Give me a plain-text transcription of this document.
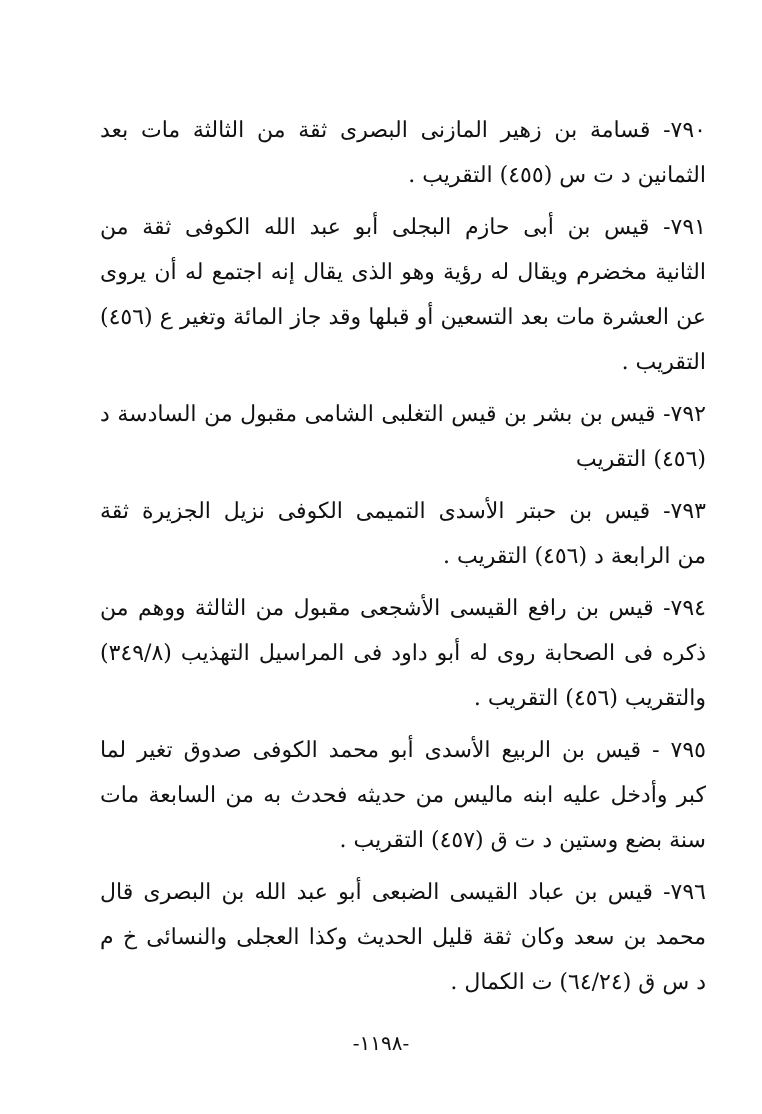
٧٩٠- قسامة بن زهير المازنى البصرى ثقة من الثالثة مات بعد
الثمانين د ت س (٤٥٥) التقريب .
٧٩١- قيس بن أبى حازم البجلى أبو عبد الله الكوفى ثقة من
الثانية مخضرم ويقال له رؤية وهو الذى يقال إنه اجتمع له أن يروى
عن العشرة مات بعد التسعين أو قبلها وقد جاز المائة وتغير ع (٤٥٦)
التقريب .
٧٩٢- قيس بن بشر بن قيس التغلبى الشامى مقبول من السادسة د
(٤٥٦) التقريب
٧٩٣- قيس بن حبتر الأسدى التميمى الكوفى نزيل الجزيرة ثقة
من الرابعة د (٤٥٦) التقريب .
٧٩٤- قيس بن رافع القيسى الأشجعى مقبول من الثالثة ووهم من
ذكره فى الصحابة روى له أبو داود فى المراسيل التهذيب (٣٤٩/٨)
والتقريب (٤٥٦) التقريب .
٧٩٥ - قيس بن الربيع الأسدى أبو محمد الكوفى صدوق تغير لما
كبر وأدخل عليه ابنه ماليس من حديثه فحدث به من السابعة مات
سنة بضع وستين د ت ق (٤٥٧) التقريب .
٧٩٦- قيس بن عباد القيسى الضبعى أبو عبد الله بن البصرى قال
محمد بن سعد وكان ثقة قليل الحديث وكذا العجلى والنسائى خ م
د س ق (٦٤/٢٤) ت الكمال .
-١١٩٨-
